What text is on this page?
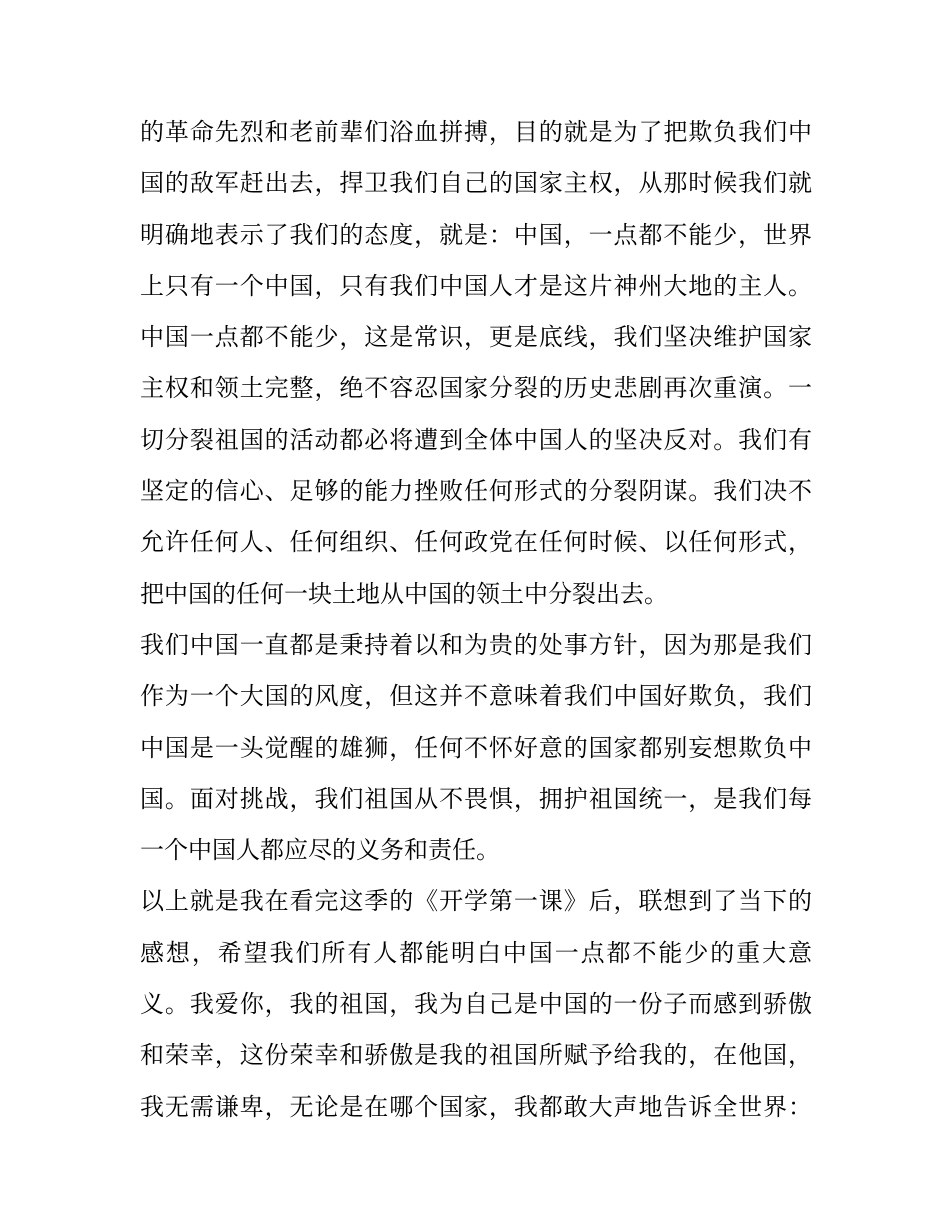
的革命先烈和老前辈们浴血拼搏，目的就是为了把欺负我们中
国的敌军赶出去，捍卫我们自己的国家主权，从那时候我们就
明确地表示了我们的态度，就是：中国，一点都不能少，世界
上只有一个中国，只有我们中国人才是这片神州大地的主人。
中国一点都不能少，这是常识，更是底线，我们坚决维护国家
主权和领土完整，绝不容忍国家分裂的历史悲剧再次重演。一
切分裂祖国的活动都必将遭到全体中国人的坚决反对。我们有
坚定的信心、足够的能力挫败任何形式的分裂阴谋。我们决不
允许任何人、任何组织、任何政党在任何时候、以任何形式，
把中国的任何一块土地从中国的领土中分裂出去。
我们中国一直都是秉持着以和为贵的处事方针，因为那是我们
作为一个大国的风度，但这并不意味着我们中国好欺负，我们
中国是一头觉醒的雄狮，任何不怀好意的国家都别妄想欺负中
国。面对挑战，我们祖国从不畏惧，拥护祖国统一，是我们每
一个中国人都应尽的义务和责任。
以上就是我在看完这季的《开学第一课》后，联想到了当下的
感想，希望我们所有人都能明白中国一点都不能少的重大意
义。我爱你，我的祖国，我为自己是中国的一份子而感到骄傲
和荣幸，这份荣幸和骄傲是我的祖国所赋予给我的，在他国，
我无需谦卑，无论是在哪个国家，我都敢大声地告诉全世界：
